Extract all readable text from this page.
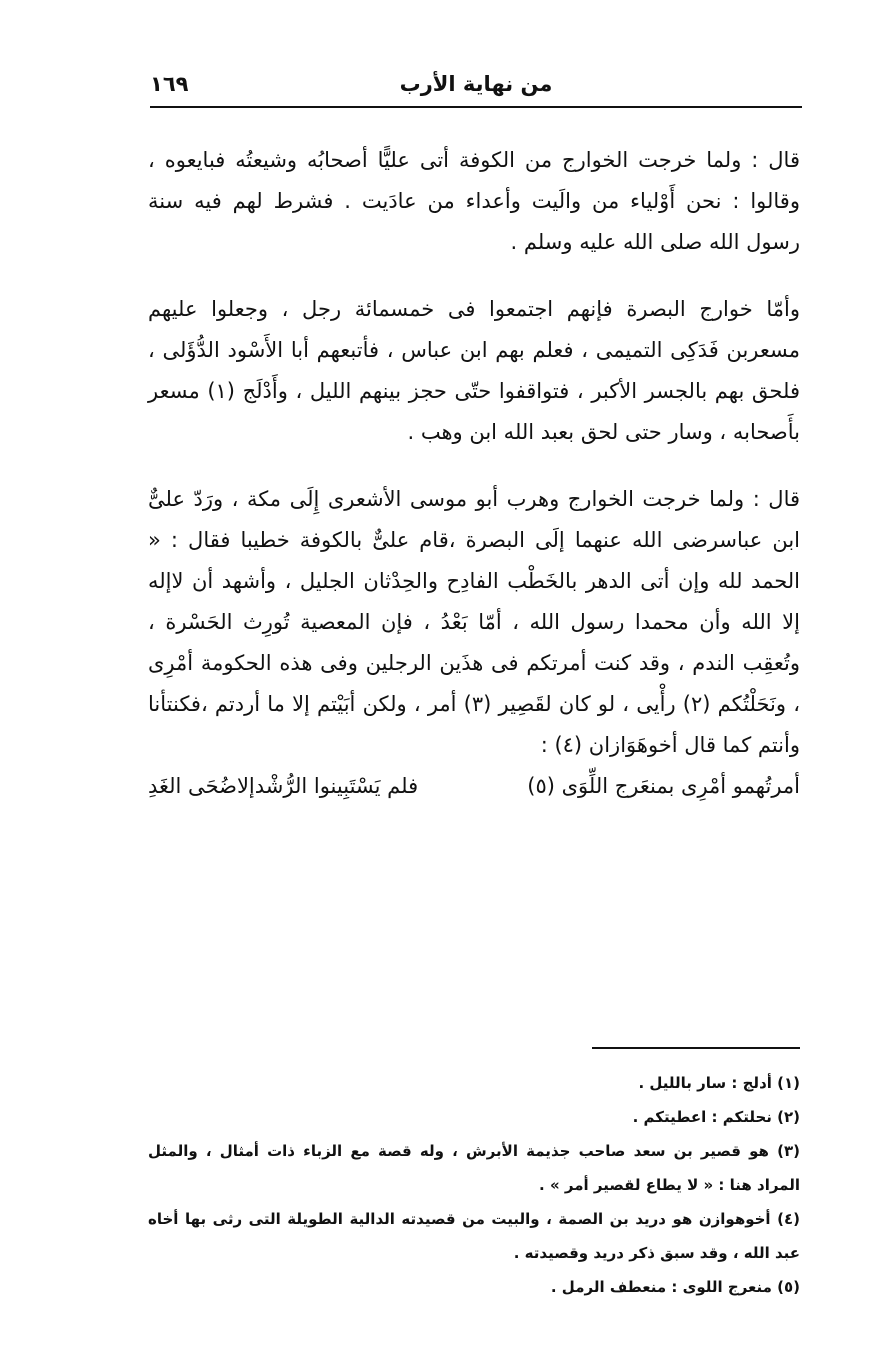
من نهاية الأرب
١٦٩

قال : ولما خرجت الخوارج من الكوفة أتى عليًّا أصحابُه وشيعتُه فبايعوه ، وقالوا : نحن أَوْلياء من والَيت وأعداء من عادَيت . فشرط لهم فيه سنة رسول الله صلى الله عليه وسلم .

وأمّا خوارج البصرة فإنهم اجتمعوا فى خمسمائة رجل ، وجعلوا عليهم مسعربن فَدَكِى التميمى ، فعلم بهم ابن عباس ، فأتبعهم أبا الأَسْود الدُّؤَلى ، فلحق بهم بالجسر الأكبر ، فتواقفوا حتّى حجز بينهم الليل ، وأَدْلَج (١) مسعر بأَصحابه ، وسار حتى لحق بعبد الله ابن وهب .

قال : ولما خرجت الخوارج وهرب أبو موسى الأشعرى إِلَى مكة ، ورَدّ علىٌّ ابن عباسرضى الله عنهما إلَى البصرة ،قام علىٌّ بالكوفة خطيبا فقال : « الحمد لله وإن أتى الدهر بالخَطْب الفادِح والحِدْثان الجليل ، وأشهد أن لاإله إلا الله وأن محمدا رسول الله ، أمّا بَعْدُ ، فإن المعصية تُورِث الحَسْرة ، وتُعقِب الندم ، وقد كنت أمرتكم فى هذَين الرجلين وفى هذه الحكومة أمْرِى ، ونَحَلْتُكم (٢) رأْيى ، لو كان لقَصِير (٣) أمر ، ولكن أبَيْتم إلا ما أردتم ،فكنتأنا وأنتم كما قال أخوهَوَازان (٤) :

أمرتُهمو أمْرِى بمنعَرج اللِّوَى (٥)
فلم يَسْتَبِينوا الرُّشْدإلاضُحَى الغَدِ

(١) أدلج : سار بالليل .

(٢) نحلتكم : اعطيتكم .

(٣) هو قصير بن سعد صاحب جذيمة الأبرش ، وله قصة مع الزباء ذات أمثال ، والمثل المراد هنا : « لا يطاع لقصير أمر » .

(٤) أخوهوازن هو دريد بن الصمة ، والبيت من قصيدته الدالية الطويلة التى رثى بها أخاه عبد الله ، وقد سبق ذكر دريد وقصيدته .

(٥) منعرج اللوى : منعطف الرمل .
